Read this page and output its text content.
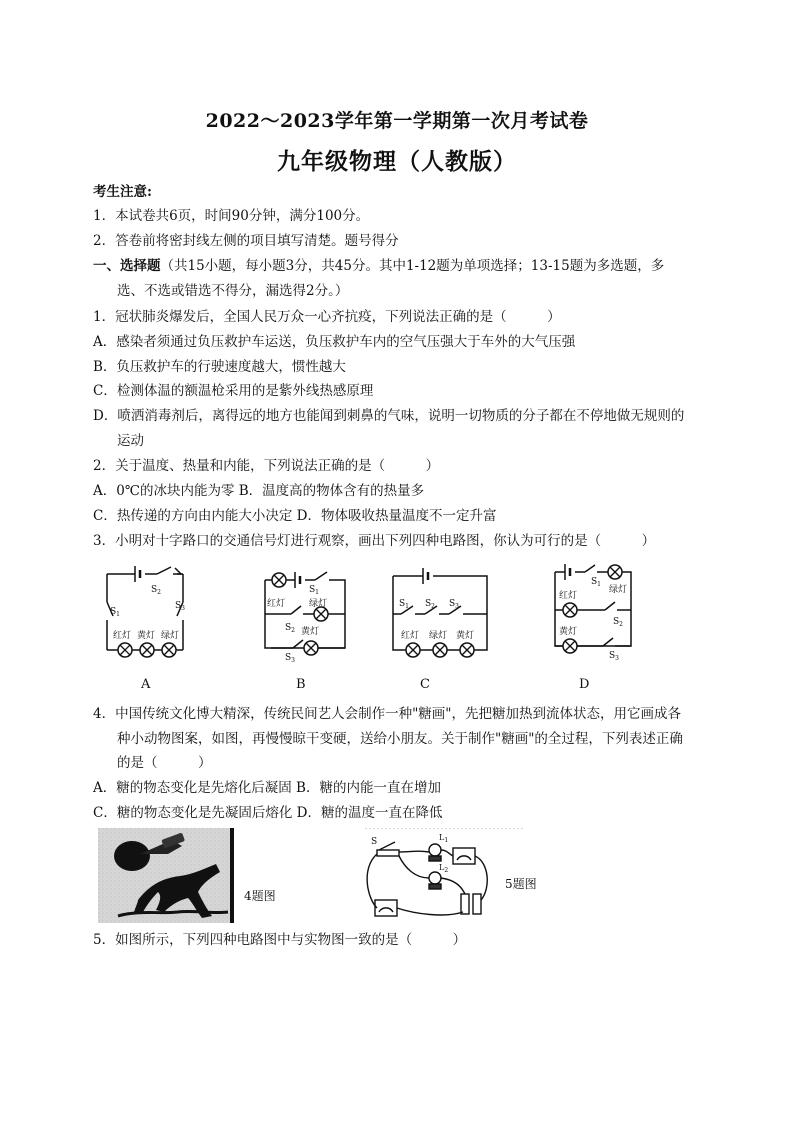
2022～2023学年第一学期第一次月考试卷
九年级物理（人教版）
考生注意:
1．本试卷共6页，时间90分钟，满分100分。
2．答卷前将密封线左侧的项目填写清楚。题号得分
一、选择题（共15小题，每小题3分，共45分。其中1-12题为单项选择；13-15题为多选题，多
选、不选或错选不得分，漏选得2分。）
1．冠状肺炎爆发后，全国人民万众一心齐抗疫，下列说法正确的是（　　　）
A．感染者须通过负压救护车运送，负压救护车内的空气压强大于车外的大气压强
B．负压救护车的行驶速度越大，惯性越大
C．检测体温的额温枪采用的是紫外线热感原理
D．喷洒消毒剂后，离得远的地方也能闻到刺鼻的气味，说明一切物质的分子都在不停地做无规则的
运动
2．关于温度、热量和内能，下列说法正确的是（　　　）
A．0℃的冰块内能为零 B．温度高的物体含有的热量多
C．热传递的方向由内能大小决定 D．物体吸收热量温度不一定升富
3．小明对十字路口的交通信号灯进行观察，画出下列四种电路图，你认为可行的是（　　　）
$S_2$
$S_1$
$S_3$
红灯 黄灯 绿灯
A
$S_1$
红灯	绿灯
$S_2$ 黄灯
$S_3$
B
$S_1$ $S_2$ $S_3$
红灯 绿灯 黄灯
C
$S_1$
绿灯
红灯
$S_2$
黄灯
$S_3$
D
4．中国传统文化博大精深，传统民间艺人会制作一种"糖画"，先把糖加热到流体状态，用它画成各
种小动物图案，如图，再慢慢晾干变硬，送给小朋友。关于制作"糖画"的全过程，下列表述正确
的是（　　　）
A．糖的物态变化是先熔化后凝固 B．糖的内能一直在增加
C．糖的物态变化是先凝固后熔化 D．糖的温度一直在降低
4题图
S	$L_1$
$L_2$
5题图
5．如图所示，下列四种电路图中与实物图一致的是（　　　）
